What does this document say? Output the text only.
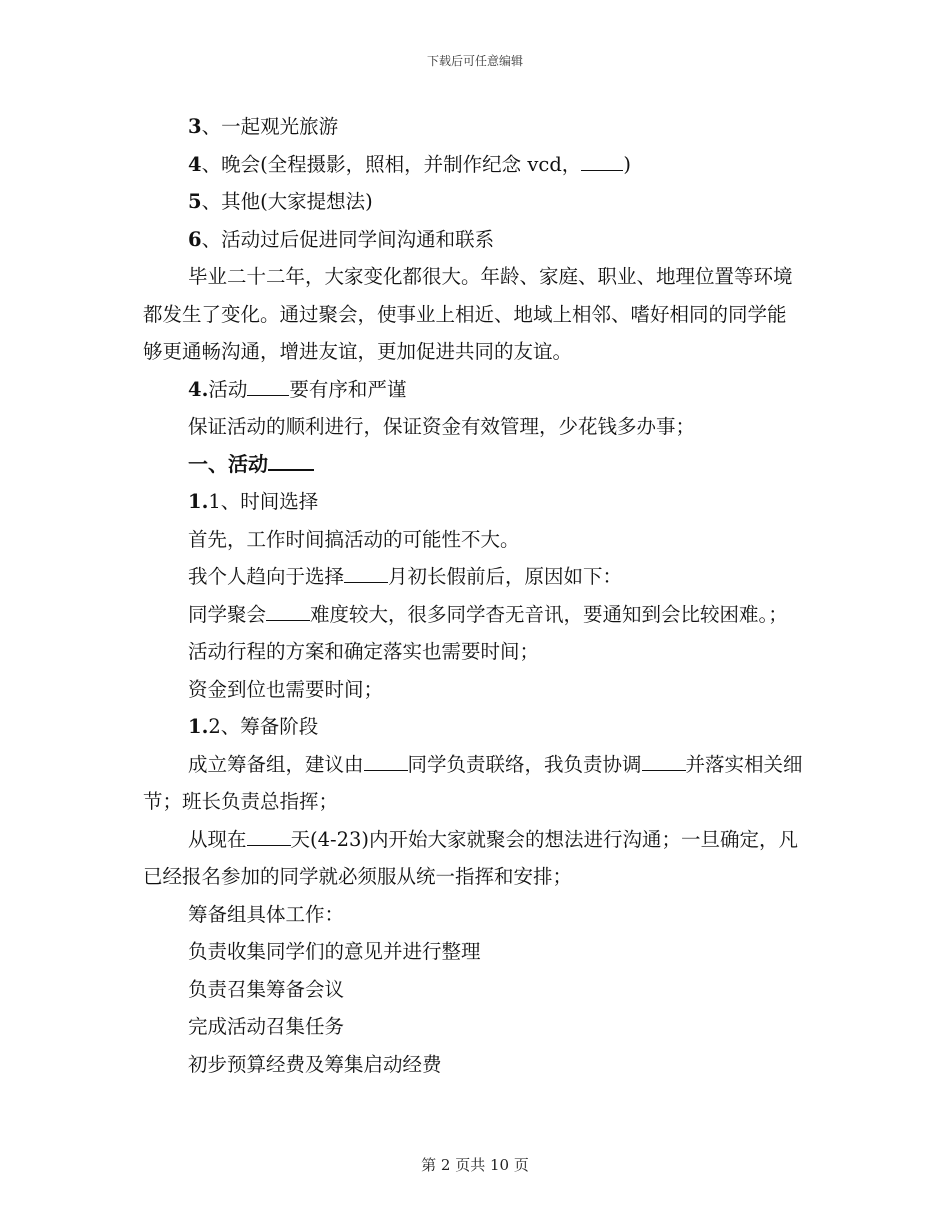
下载后可任意编辑

3、一起观光旅游

4、晚会(全程摄影，照相，并制作纪念 vcd， )

5、其他(大家提想法)

6、活动过后促进同学间沟通和联系

毕业二十二年，大家变化都很大。年龄、家庭、职业、地理位置等环境都发生了变化。通过聚会，使事业上相近、地域上相邻、嗜好相同的同学能够更通畅沟通，增进友谊，更加促进共同的友谊。

4.活动 要有序和严谨

保证活动的顺利进行，保证资金有效管理，少花钱多办事；

一、活动

1.1、时间选择

首先，工作时间搞活动的可能性不大。

我个人趋向于选择 月初长假前后，原因如下：

同学聚会 难度较大，很多同学杳无音讯，要通知到会比较困难。；

活动行程的方案和确定落实也需要时间；

资金到位也需要时间；

1.2、筹备阶段

成立筹备组，建议由 同学负责联络，我负责协调 并落实相关细节；班长负责总指挥；

从现在 天(4-23)内开始大家就聚会的想法进行沟通；一旦确定，凡已经报名参加的同学就必须服从统一指挥和安排；

筹备组具体工作：

负责收集同学们的意见并进行整理

负责召集筹备会议

完成活动召集任务

初步预算经费及筹集启动经费

第 2 页共 10 页
